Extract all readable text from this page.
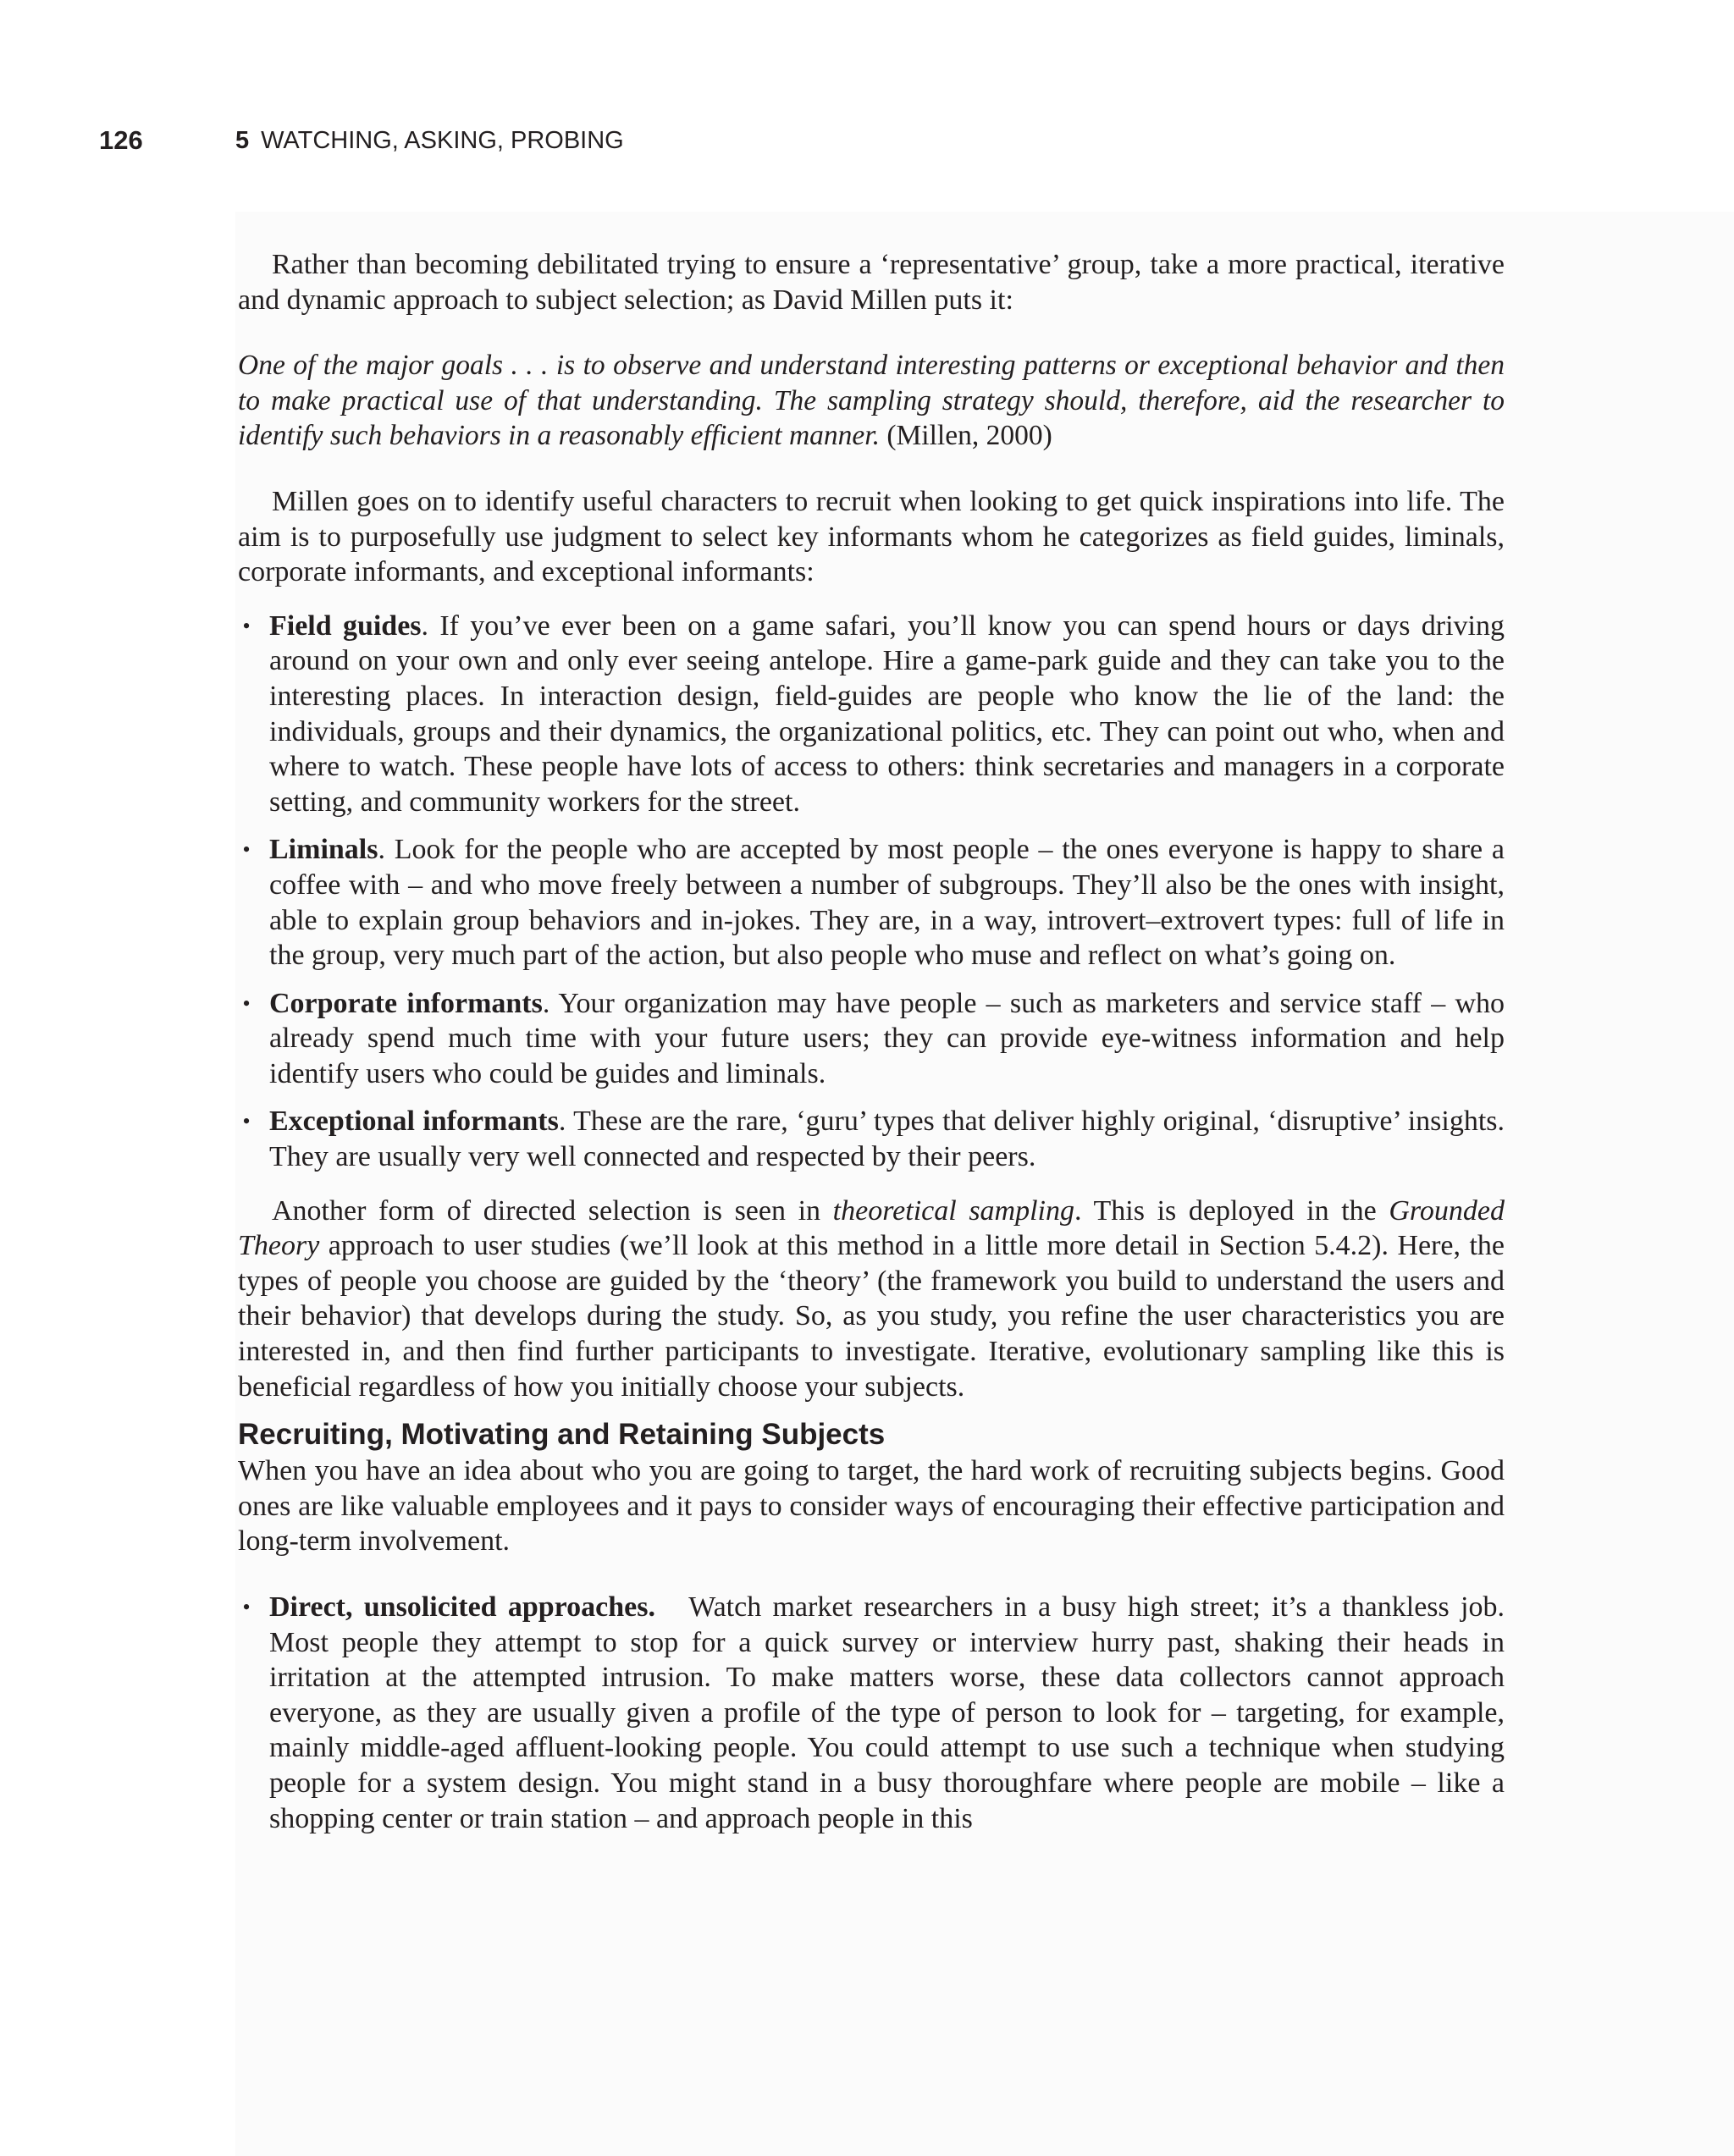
126	5 WATCHING, ASKING, PROBING

Rather than becoming debilitated trying to ensure a ‘representative’ group, take a more practical, iterative and dynamic approach to subject selection; as David Millen puts it:

One of the major goals . . . is to observe and understand interesting patterns or exceptional behavior and then to make practical use of that understanding. The sampling strategy should, therefore, aid the researcher to identify such behaviors in a reasonably efficient manner. (Millen, 2000)

Millen goes on to identify useful characters to recruit when looking to get quick inspirations into life. The aim is to purposefully use judgment to select key informants whom he categorizes as field guides, liminals, corporate informants, and exceptional informants:

• Field guides. If you’ve ever been on a game safari, you’ll know you can spend hours or days driving around on your own and only ever seeing antelope. Hire a game-park guide and they can take you to the interesting places. In interaction design, field-guides are people who know the lie of the land: the individuals, groups and their dynamics, the organizational politics, etc. They can point out who, when and where to watch. These people have lots of access to others: think secretaries and managers in a corporate setting, and community workers for the street.
• Liminals. Look for the people who are accepted by most people – the ones everyone is happy to share a coffee with – and who move freely between a number of subgroups. They’ll also be the ones with insight, able to explain group behaviors and in-jokes. They are, in a way, introvert–extrovert types: full of life in the group, very much part of the action, but also people who muse and reflect on what’s going on.
• Corporate informants. Your organization may have people – such as marketers and service staff – who already spend much time with your future users; they can provide eye-witness information and help identify users who could be guides and liminals.
• Exceptional informants. These are the rare, ‘guru’ types that deliver highly original, ‘disruptive’ insights. They are usually very well connected and respected by their peers.

Another form of directed selection is seen in theoretical sampling. This is deployed in the Grounded Theory approach to user studies (we’ll look at this method in a little more detail in Section 5.4.2). Here, the types of people you choose are guided by the ‘theory’ (the framework you build to understand the users and their behavior) that develops during the study. So, as you study, you refine the user characteristics you are interested in, and then find further participants to investigate. Iterative, evolutionary sampling like this is beneficial regardless of how you initially choose your subjects.

Recruiting, Motivating and Retaining Subjects

When you have an idea about who you are going to target, the hard work of recruiting subjects begins. Good ones are like valuable employees and it pays to consider ways of encouraging their effective participation and long-term involvement.

• Direct, unsolicited approaches. Watch market researchers in a busy high street; it’s a thankless job. Most people they attempt to stop for a quick survey or interview hurry past, shaking their heads in irritation at the attempted intrusion. To make matters worse, these data collectors cannot approach everyone, as they are usually given a profile of the type of person to look for – targeting, for example, mainly middle-aged affluent-looking people. You could attempt to use such a technique when studying people for a system design. You might stand in a busy thoroughfare where people are mobile – like a shopping center or train station – and approach people in this
